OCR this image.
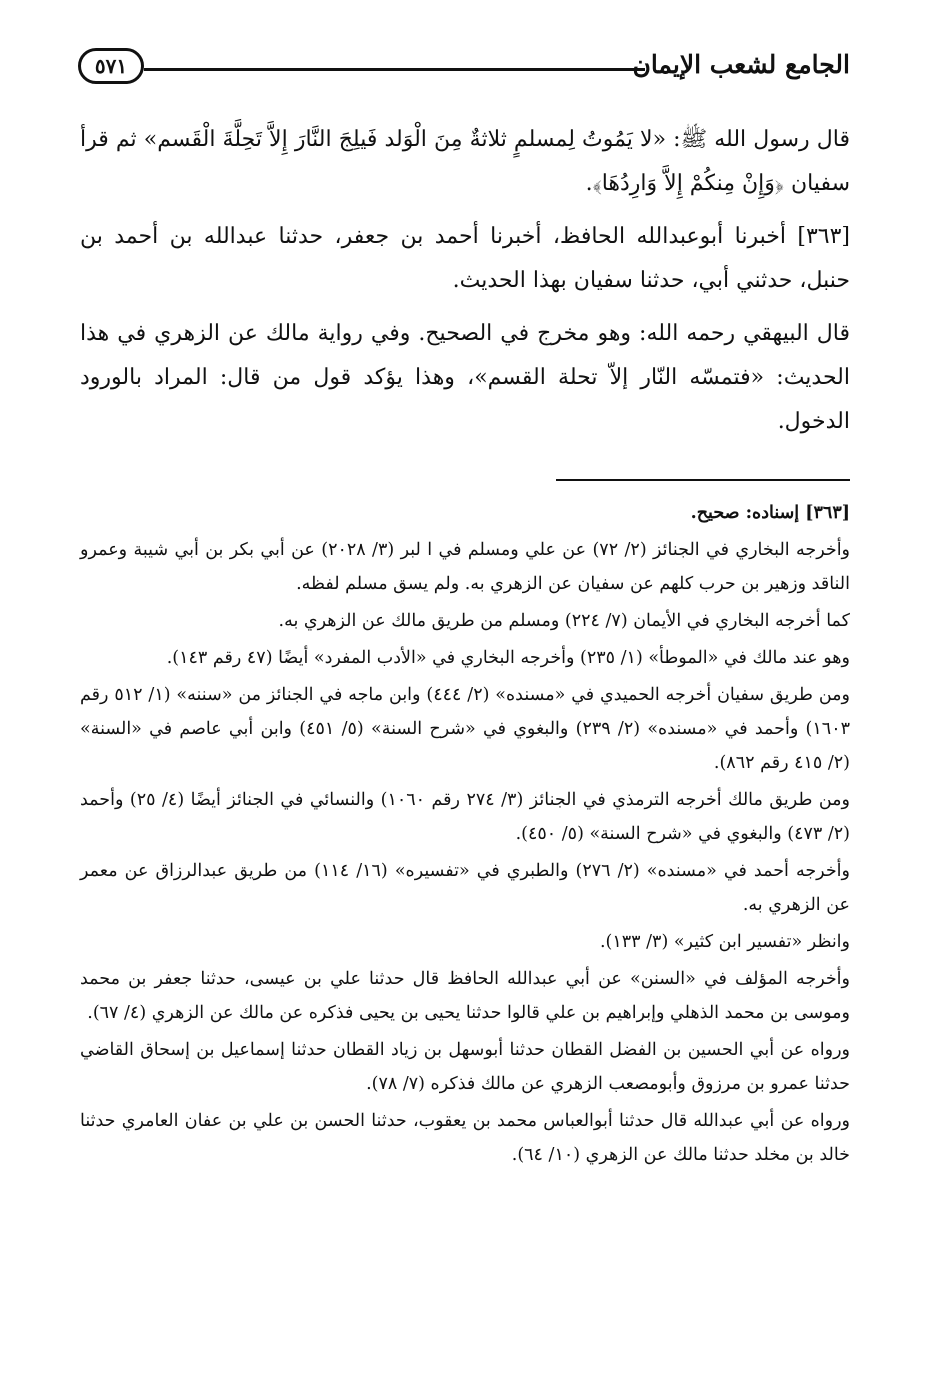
الجامع لشعب الإيمان
٥٧١

قال رسول الله ﷺ: «لا يَمُوتُ لِمسلمٍ ثلاثةٌ مِنَ الْوَلد فَيلِجَ النَّارَ إِلاَّ تَحِلَّةَ الْقَسم» ثم قرأ سفيان ﴿وَإِنْ مِنكُمْ إِلاَّ وَارِدُهَا﴾.

[٣٦٣] أخبرنا أبوعبدالله الحافظ، أخبرنا أحمد بن جعفر، حدثنا عبدالله بن أحمد بن حنبل، حدثني أبي، حدثنا سفيان بهذا الحديث.

قال البيهقي رحمه الله: وهو مخرج في الصحيح. وفي رواية مالك عن الزهري في هذا الحديث: «فتمسّه النّار إلاّ تحلة القسم»، وهذا يؤكد قول من قال: المراد بالورود الدخول.

[٣٦٣] إسناده: صحيح.

وأخرجه البخاري في الجنائز (٢/ ٧٢) عن علي ومسلم في ا لبر (٣/ ٢٠٢٨) عن أبي بكر بن أبي شيبة وعمرو الناقد وزهير بن حرب كلهم عن سفيان عن الزهري به. ولم يسق مسلم لفظه.

كما أخرجه البخاري في الأيمان (٧/ ٢٢٤) ومسلم من طريق مالك عن الزهري به.

وهو عند مالك في «الموطأ» (١/ ٢٣٥) وأخرجه البخاري في «الأدب المفرد» أيضًا (٤٧ رقم ١٤٣).

ومن طريق سفيان أخرجه الحميدي في «مسنده» (٢/ ٤٤٤) وابن ماجه في الجنائز من «سننه» (١/ ٥١٢ رقم ١٦٠٣) وأحمد في «مسنده» (٢/ ٢٣٩) والبغوي في «شرح السنة» (٥/ ٤٥١) وابن أبي عاصم في «السنة» (٢/ ٤١٥ رقم ٨٦٢).

ومن طريق مالك أخرجه الترمذي في الجنائز (٣/ ٢٧٤ رقم ١٠٦٠) والنسائي في الجنائز أيضًا (٤/ ٢٥) وأحمد (٢/ ٤٧٣) والبغوي في «شرح السنة» (٥/ ٤٥٠).

وأخرجه أحمد في «مسنده» (٢/ ٢٧٦) والطبري في «تفسيره» (١٦/ ١١٤) من طريق عبدالرزاق عن معمر عن الزهري به.

وانظر «تفسير ابن كثير» (٣/ ١٣٣).

وأخرجه المؤلف في «السنن» عن أبي عبدالله الحافظ قال حدثنا علي بن عيسى، حدثنا جعفر بن محمد وموسى بن محمد الذهلي وإبراهيم بن علي قالوا حدثنا يحيى بن يحيى فذكره عن مالك عن الزهري (٤/ ٦٧).

ورواه عن أبي الحسين بن الفضل القطان حدثنا أبوسهل بن زياد القطان حدثنا إسماعيل بن إسحاق القاضي حدثنا عمرو بن مرزوق وأبومصعب الزهري عن مالك فذكره (٧/ ٧٨).

ورواه عن أبي عبدالله قال حدثنا أبوالعباس محمد بن يعقوب، حدثنا الحسن بن علي بن عفان العامري حدثنا خالد بن مخلد حدثنا مالك عن الزهري (١٠/ ٦٤).
